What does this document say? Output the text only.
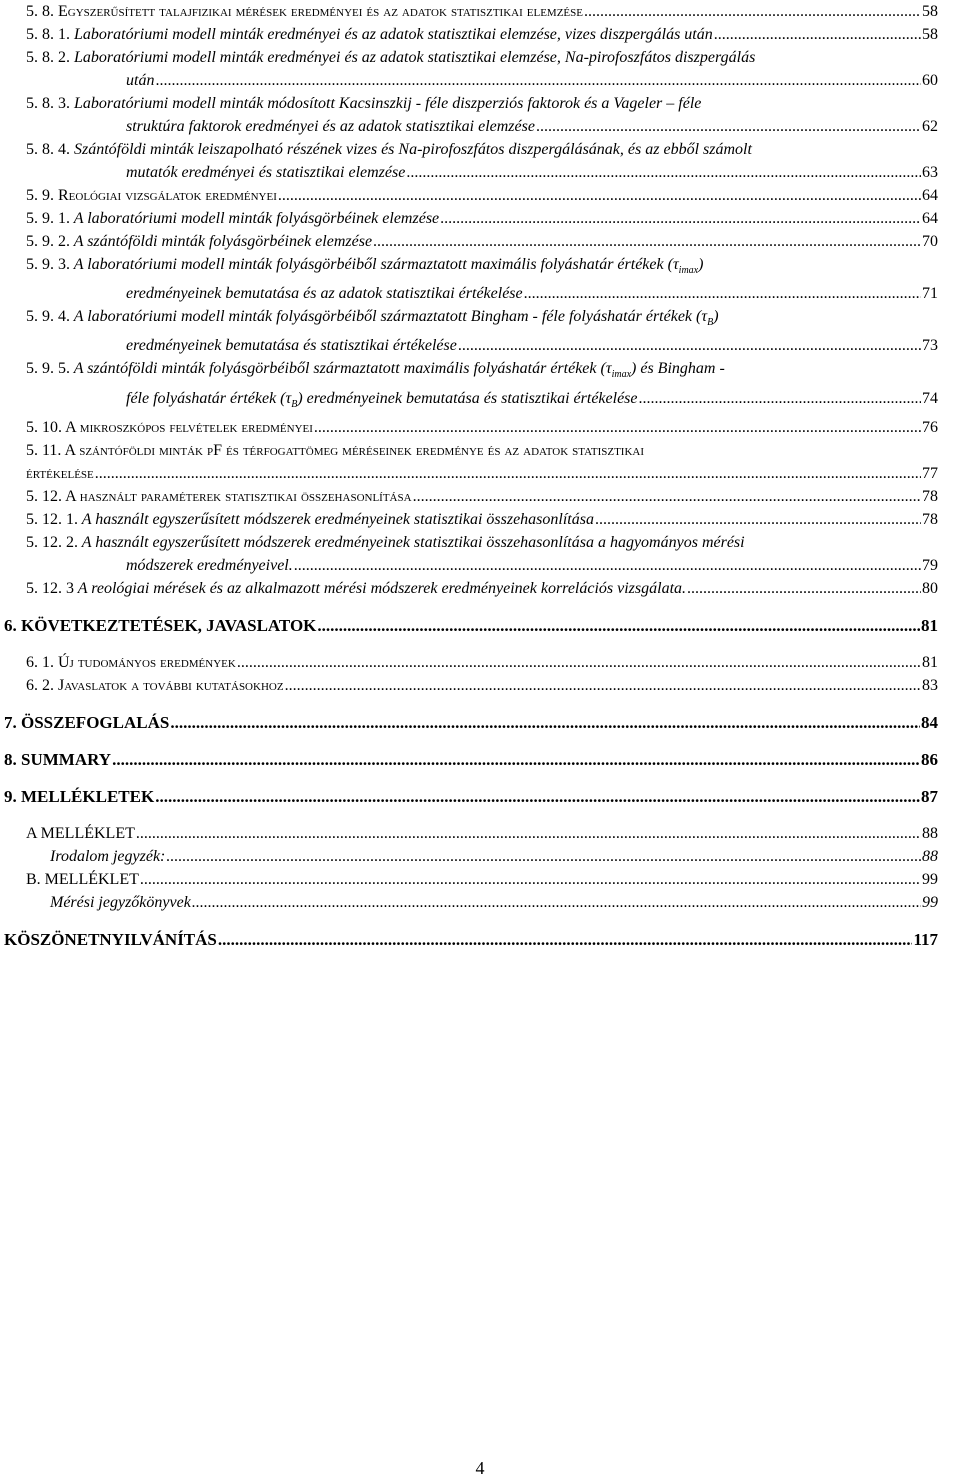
5. 8. Egyszerűsített talajfizikai mérések eredményei és az adatok statisztikai elemzése .....	58
5. 8. 1. Laboratóriumi modell minták eredményei és az adatok statisztikai elemzése, vizes diszpergálás után .....	58
5. 8. 2. Laboratóriumi modell minták eredményei és az adatok statisztikai elemzése, Na-pirofoszfátos diszpergálás
után .....	60
5. 8. 3. Laboratóriumi modell minták módosított Kacsinszkij - féle diszperziós faktorok és a Vageler – féle
struktúra faktorok eredményei és az adatok statisztikai elemzése .....	62
5. 8. 4. Szántóföldi minták leiszapolható részének vizes és Na-pirofoszfátos diszpergálásának, és az ebből számolt
mutatók eredményei és statisztikai elemzése .....	63
5. 9. Reológiai vizsgálatok eredményei .....	64
5. 9. 1. A laboratóriumi modell minták folyásgörbéinek elemzése .....	64
5. 9. 2. A szántóföldi minták folyásgörbéinek elemzése .....	70
5. 9. 3. A laboratóriumi modell minták folyásgörbéiből származtatott maximális folyáshatár értékek $(\tau_{imax})$
eredményeinek bemutatása és az adatok statisztikai értékelése .....	71
5. 9. 4. A laboratóriumi modell minták folyásgörbéiből származtatott Bingham - féle folyáshatár értékek $(\tau_B)$
eredményeinek bemutatása és statisztikai értékelése .....	73
5. 9. 5. A szántóföldi minták folyásgörbéiből származtatott maximális folyáshatár értékek $(\tau_{imax})$ és Bingham -
féle folyáshatár értékek $(\tau_B)$ eredményeinek bemutatása és statisztikai értékelése .....	74
5. 10. A mikroszkópos felvételek eredményei .....	76
5. 11. A szántóföldi minták pF és térfogattömeg méréseinek eredménye és az adatok statisztikai
értékelése .....	77
5. 12. A használt paraméterek statisztikai összehasonlítása .....	78
5. 12. 1. A használt egyszerűsített módszerek eredményeinek statisztikai összehasonlítása .....	78
5. 12. 2. A használt egyszerűsített módszerek eredményeinek statisztikai összehasonlítása a hagyományos mérési
módszerek eredményeivel. .....	79
5. 12. 3 A reológiai mérések és az alkalmazott mérési módszerek eredményeinek korrelációs vizsgálata. .....	80
6. KÖVETKEZTETÉSEK, JAVASLATOK .....	81
6. 1. Új tudományos eredmények .....	81
6. 2. Javaslatok a további kutatásokhoz .....	83
7. ÖSSZEFOGLALÁS .....	84
8. SUMMARY .....	86
9. MELLÉKLETEK .....	87
A MELLÉKLET .....	88
Irodalom jegyzék: .....	88
B. MELLÉKLET .....	99
Mérési jegyzőkönyvek .....	99
KÖSZÖNETNYILVÁNÍTÁS .....	117
4
